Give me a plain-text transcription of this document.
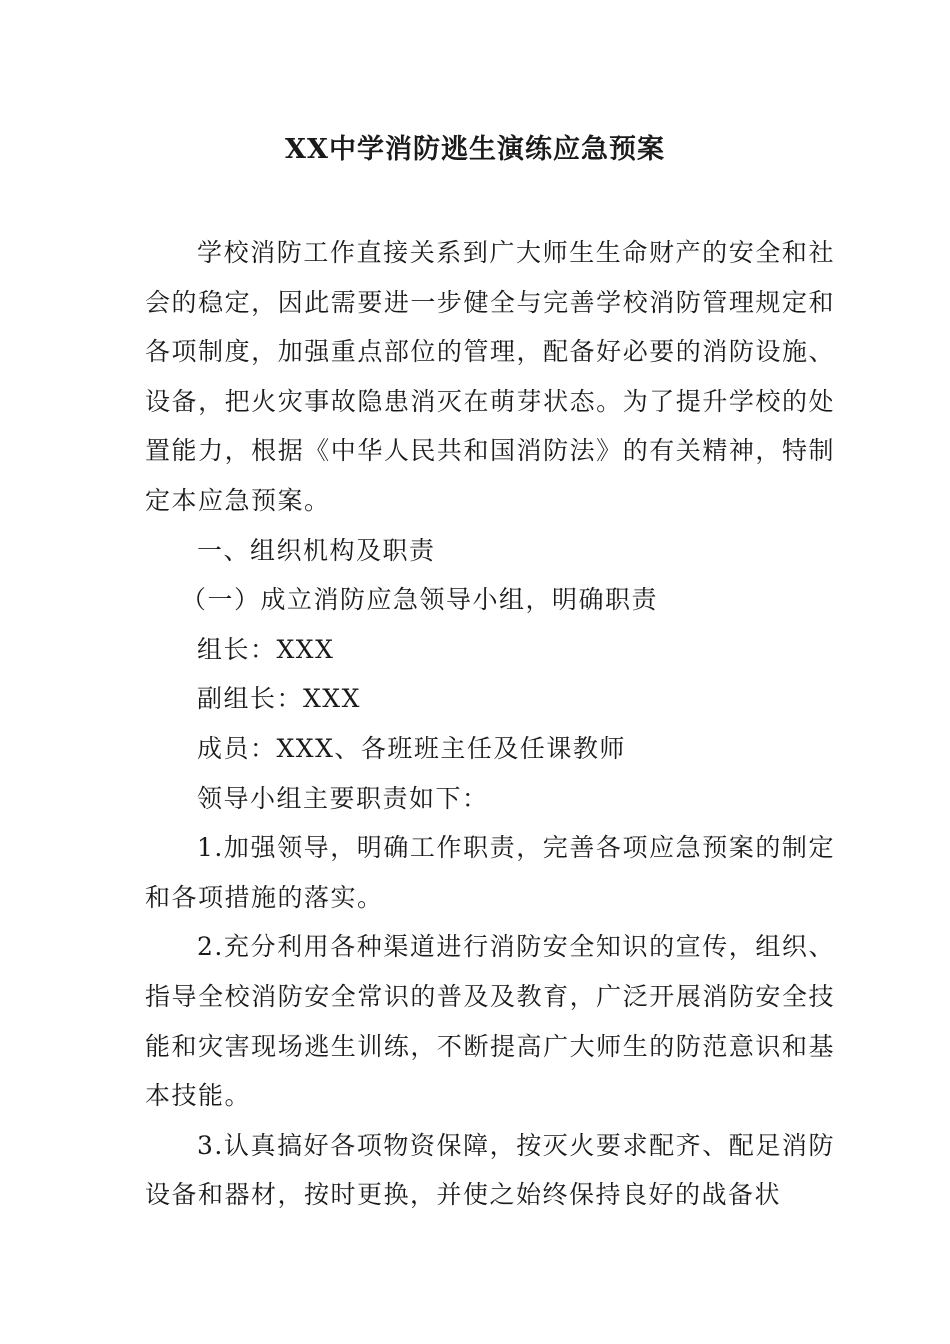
XX中学消防逃生演练应急预案

学校消防工作直接关系到广大师生生命财产的安全和社会的稳定，因此需要进一步健全与完善学校消防管理规定和各项制度，加强重点部位的管理，配备好必要的消防设施、设备，把火灾事故隐患消灭在萌芽状态。为了提升学校的处置能力，根据《中华人民共和国消防法》的有关精神，特制定本应急预案。

一、组织机构及职责

（一）成立消防应急领导小组，明确职责

组长：XXX

副组长：XXX

成员：XXX、各班班主任及任课教师

领导小组主要职责如下：

1.加强领导，明确工作职责，完善各项应急预案的制定和各项措施的落实。

2.充分利用各种渠道进行消防安全知识的宣传，组织、指导全校消防安全常识的普及及教育，广泛开展消防安全技能和灾害现场逃生训练，不断提高广大师生的防范意识和基本技能。

3.认真搞好各项物资保障，按灭火要求配齐、配足消防设备和器材，按时更换，并使之始终保持良好的战备状
